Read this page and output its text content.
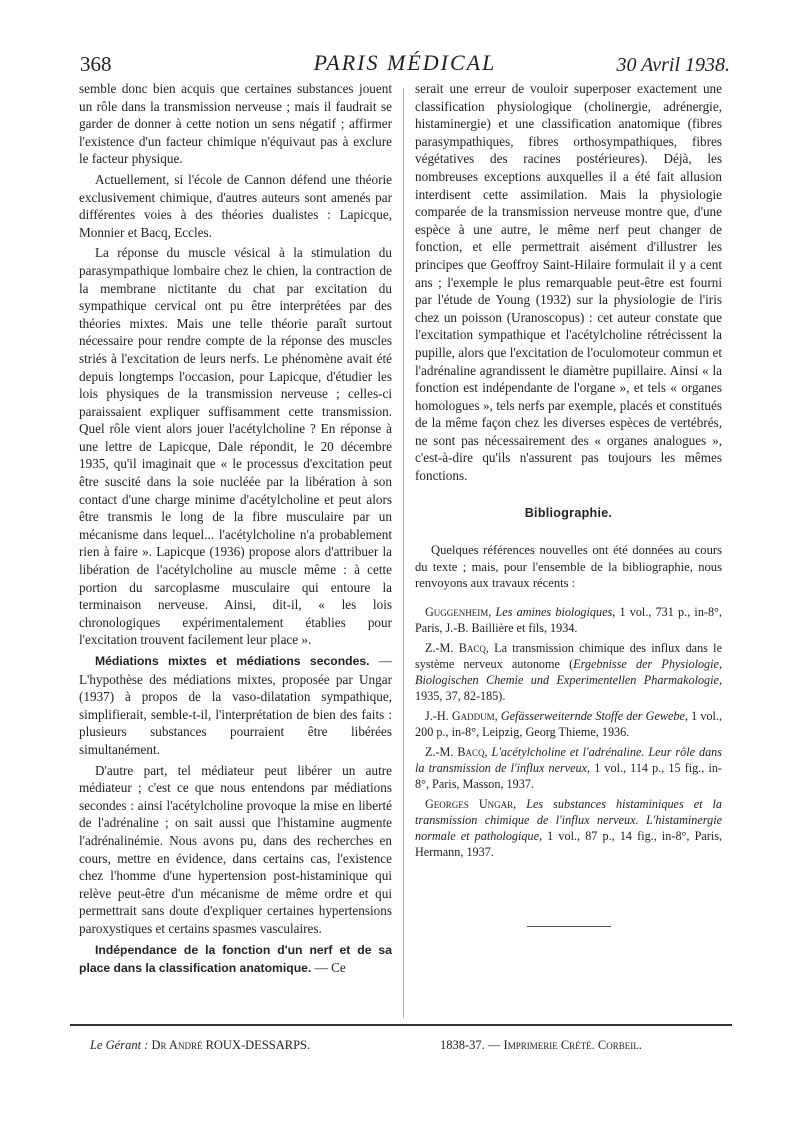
368	PARIS MÉDICAL	30 Avril 1938.

semble donc bien acquis que certaines substances jouent un rôle dans la transmission nerveuse ; mais il faudrait se garder de donner à cette notion un sens négatif ; affirmer l'existence d'un facteur chimique n'équivaut pas à exclure le facteur physique.

Actuellement, si l'école de Cannon défend une théorie exclusivement chimique, d'autres auteurs sont amenés par différentes voies à des théories dualistes : Lapicque, Monnier et Bacq, Eccles.

La réponse du muscle vésical à la stimulation du parasympathique lombaire chez le chien, la contraction de la membrane nictitante du chat par excitation du sympathique cervical ont pu être interprétées par des théories mixtes. Mais une telle théorie paraît surtout nécessaire pour rendre compte de la réponse des muscles striés à l'excitation de leurs nerfs. Le phénomène avait été depuis longtemps l'occasion, pour Lapicque, d'étudier les lois physiques de la transmission nerveuse ; celles-ci paraissaient expliquer suffisamment cette transmission. Quel rôle vient alors jouer l'acétylcholine ? En réponse à une lettre de Lapicque, Dale répondit, le 20 décembre 1935, qu'il imaginait que « le processus d'excitation peut être suscité dans la soie nucléée par la libération à son contact d'une charge minime d'acétylcholine et peut alors être transmis le long de la fibre musculaire par un mécanisme dans lequel... l'acétylcholine n'a probablement rien à faire ». Lapicque (1936) propose alors d'attribuer la libération de l'acétylcholine au muscle même : à cette portion du sarcoplasme musculaire qui entoure la terminaison nerveuse. Ainsi, dit-il, « les lois chronologiques expérimentalement établies pour l'excitation trouvent facilement leur place ».

Médiations mixtes et médiations secondes. — L'hypothèse des médiations mixtes, proposée par Ungar (1937) à propos de la vaso-dilatation sympathique, simplifierait, semble-t-il, l'interprétation de bien des faits : plusieurs substances pourraient être libérées simultanément.

D'autre part, tel médiateur peut libérer un autre médiateur ; c'est ce que nous entendons par médiations secondes : ainsi l'acétylcholine provoque la mise en liberté de l'adrénaline ; on sait aussi que l'histamine augmente l'adrénalinémie. Nous avons pu, dans des recherches en cours, mettre en évidence, dans certains cas, l'existence chez l'homme d'une hypertension post-histaminique qui relève peut-être d'un mécanisme de même ordre et qui permettrait sans doute d'expliquer certaines hypertensions paroxystiques et certains spasmes vasculaires.

Indépendance de la fonction d'un nerf et de sa place dans la classification anatomique. — Ce

serait une erreur de vouloir superposer exactement une classification physiologique (cholinergie, adrénergie, histaminergie) et une classification anatomique (fibres parasympathiques, fibres orthosympathiques, fibres végétatives des racines postérieures). Déjà, les nombreuses exceptions auxquelles il a été fait allusion interdisent cette assimilation. Mais la physiologie comparée de la transmission nerveuse montre que, d'une espèce à une autre, le même nerf peut changer de fonction, et elle permettrait aisément d'illustrer les principes que Geoffroy Saint-Hilaire formulait il y a cent ans ; l'exemple le plus remarquable peut-être est fourni par l'étude de Young (1932) sur la physiologie de l'iris chez un poisson (Uranoscopus) : cet auteur constate que l'excitation sympathique et l'acétylcholine rétrécissent la pupille, alors que l'excitation de l'oculomoteur commun et l'adrénaline agrandissent le diamètre pupillaire. Ainsi « la fonction est indépendante de l'organe », et tels « organes homologues », tels nerfs par exemple, placés et constitués de la même façon chez les diverses espèces de vertébrés, ne sont pas nécessairement des « organes analogues », c'est-à-dire qu'ils n'assurent pas toujours les mêmes fonctions.

Bibliographie.

Quelques références nouvelles ont été données au cours du texte ; mais, pour l'ensemble de la bibliographie, nous renvoyons aux travaux récents :

Guggenheim, Les amines biologiques, 1 vol., 731 p., in-8°, Paris, J.-B. Baillière et fils, 1934.

Z.-M. Bacq, La transmission chimique des influx dans le système nerveux autonome (Ergebnisse der Physiologie, Biologischen Chemie und Experimentellen Pharmakologie, 1935, 37, 82-185).

J.-H. Gaddum, Gefässerweiternde Stoffe der Gewebe, 1 vol., 200 p., in-8°, Leipzig, Georg Thieme, 1936.

Z.-M. Bacq, L'acétylcholine et l'adrénaline. Leur rôle dans la transmission de l'influx nerveux, 1 vol., 114 p., 15 fig., in-8°, Paris, Masson, 1937.

Georges Ungar, Les substances histaminiques et la transmission chimique de l'influx nerveux. L'histaminergie normale et pathologique, 1 vol., 87 p., 14 fig., in-8°, Paris, Hermann, 1937.

Le Gérant : Dr André ROUX-DESSARPS.	1838-37. — Imprimerie Crété. Corbeil.
